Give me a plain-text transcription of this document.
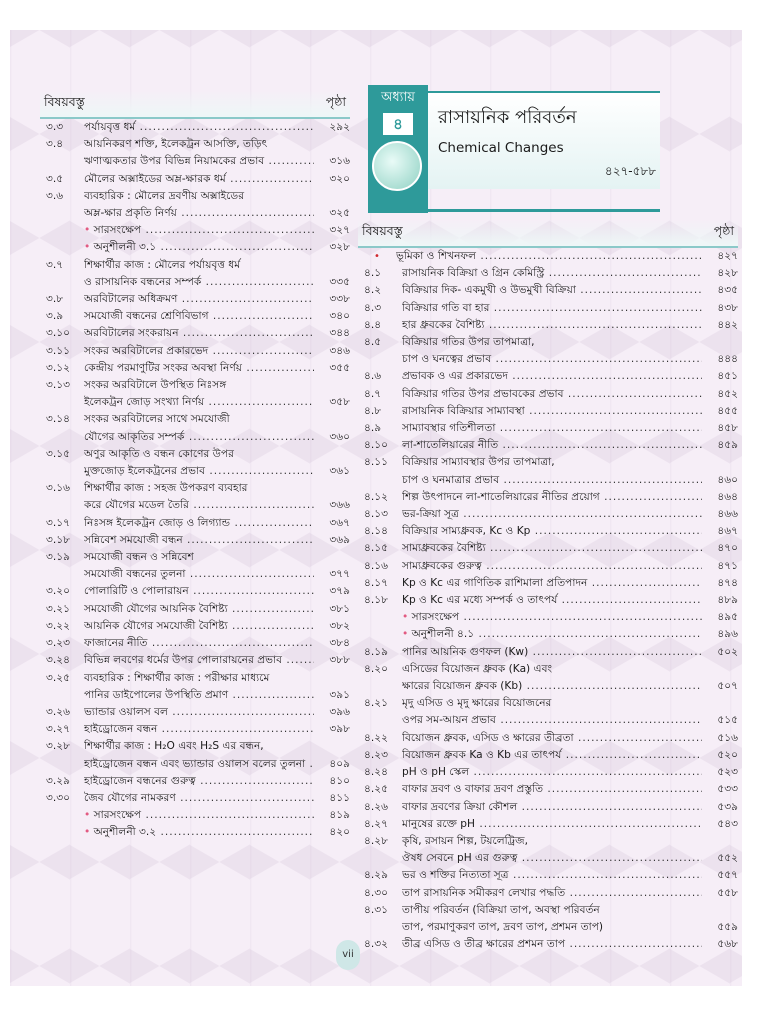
বিষয়বস্তু	পৃষ্ঠা
৩.৩	পর্যায়বৃত্ত ধর্ম .....	২৯২
৩.৪	আয়নিকরণ শক্তি, ইলেকট্রন আসক্তি, তড়িৎ
ঋণাত্মকতার উপর বিভিন্ন নিয়ামকের প্রভাব .....	৩১৬
৩.৫	মৌলের অক্সাইডের অম্ল-ক্ষারক ধর্ম .....	৩২০
৩.৬	ব্যবহারিক : মৌলের দ্রবণীয় অক্সাইডের
অম্ল-ক্ষার প্রকৃতি নির্ণয় .....	৩২৫
• সারসংক্ষেপ .....	৩২৭
• অনুশীলনী ৩.১ .....	৩২৮
৩.৭	শিক্ষার্থীর কাজ : মৌলের পর্যায়বৃত্ত ধর্ম
ও রাসায়নিক বন্ধনের সম্পর্ক .....	৩৩৫
৩.৮	অরবিটালের অধিক্রমণ .....	৩৩৮
৩.৯	সমযোজী বন্ধনের শ্রেণিবিভাগ .....	৩৪০
৩.১০	অরবিটালের সংকরায়ন .....	৩৪৪
৩.১১	সংকর অরবিটালের প্রকারভেদ .....	৩৪৬
৩.১২	কেন্দ্রীয় পরমাণুটির সংকর অবস্থা নির্ণয় .....	৩৫৫
৩.১৩	সংকর অরবিটালে উপস্থিত নিঃসঙ্গ
ইলেকট্রন জোড় সংখ্যা নির্ণয় .....	৩৫৮
৩.১৪	সংকর অরবিটালের সাথে সমযোজী
যৌগের আকৃতির সম্পর্ক .....	৩৬০
৩.১৫	অণুর আকৃতি ও বন্ধন কোণের উপর
মুক্তজোড় ইলেকট্রনের প্রভাব .....	৩৬১
৩.১৬	শিক্ষার্থীর কাজ : সহজ উপকরণ ব্যবহার
করে যৌগের মডেল তৈরি .....	৩৬৬
৩.১৭	নিঃসঙ্গ ইলেকট্রন জোড় ও লিগ্যান্ড .....	৩৬৭
৩.১৮	সন্নিবেশ সমযোজী বন্ধন .....	৩৬৯
৩.১৯	সমযোজী বন্ধন ও সন্নিবেশ
সমযোজী বন্ধনের তুলনা .....	৩৭৭
৩.২০	পোলারিটি ও পোলারায়ন .....	৩৭৯
৩.২১	সমযোজী যৌগের আয়নিক বৈশিষ্ট্য .....	৩৮১
৩.২২	আয়নিক যৌগের সমযোজী বৈশিষ্ট্য .....	৩৮২
৩.২৩	ফাজানের নীতি .....	৩৮৪
৩.২৪	বিভিন্ন লবণের ধর্মের উপর পোলারায়নের প্রভাব .....	৩৮৮
৩.২৫	ব্যবহারিক : শিক্ষার্থীর কাজ : পরীক্ষার মাধ্যমে
পানির ডাইপোলের উপস্থিতি প্রমাণ .....	৩৯১
৩.২৬	ভ্যান্ডার ওয়ালস বল .....	৩৯৬
৩.২৭	হাইড্রোজেন বন্ধন .....	৩৯৮
৩.২৮	শিক্ষার্থীর কাজ : H₂O এবং H₂S এর বন্ধন,
হাইড্রোজেন বন্ধন এবং ভ্যান্ডার ওয়ালস বলের তুলনা .....	৪০৯
৩.২৯	হাইড্রোজেন বন্ধনের গুরুত্ব .....	৪১০
৩.৩০	জৈব যৌগের নামকরণ .....	৪১১
• সারসংক্ষেপ .....	৪১৯
• অনুশীলনী ৩.২ .....	৪২০
অধ্যায়
৪	রাসায়নিক পরিবর্তন
Chemical Changes
৪২৭-৫৮৮
বিষয়বস্তু	পৃষ্ঠা
•	ভূমিকা ও শিখনফল .....	৪২৭
৪.১	রাসায়নিক বিক্রিয়া ও গ্রিন কেমিস্ট্রি .....	৪২৮
৪.২	বিক্রিয়ার দিক- একমুখী ও উভমুখী বিক্রিয়া .....	৪৩৫
৪.৩	বিক্রিয়ার গতি বা হার .....	৪৩৮
৪.৪	হার ধ্রুবকের বৈশিষ্ট্য .....	৪৪২
৪.৫	বিক্রিয়ার গতির উপর তাপমাত্রা,
চাপ ও ঘনত্বের প্রভাব .....	৪৪৪
৪.৬	প্রভাবক ও এর প্রকারভেদ .....	৪৫১
৪.৭	বিক্রিয়ার গতির উপর প্রভাবকের প্রভাব .....	৪৫২
৪.৮	রাসায়নিক বিক্রিয়ার সাম্যাবস্থা .....	৪৫৫
৪.৯	সাম্যাবস্থার গতিশীলতা .....	৪৫৮
৪.১০	লা-শাতেলিয়ারের নীতি .....	৪৫৯
৪.১১	বিক্রিয়ার সাম্যাবস্থার উপর তাপমাত্রা,
চাপ ও ঘনমাত্রার প্রভাব .....	৪৬০
৪.১২	শিল্প উৎপাদনে লা-শাতেলিয়ারের নীতির প্রয়োগ .....	৪৬৪
৪.১৩	ভর-ক্রিয়া সূত্র .....	৪৬৬
৪.১৪	বিক্রিয়ার সাম্যধ্রুবক, Kc ও Kp .....	৪৬৭
৪.১৫	সাম্যধ্রুবকের বৈশিষ্ট্য .....	৪৭০
৪.১৬	সাম্যধ্রুবকের গুরুত্ব .....	৪৭১
৪.১৭	Kp ও Kc এর গাণিতিক রাশিমালা প্রতিপাদন .....	৪৭৪
৪.১৮	Kp ও Kc এর মধ্যে সম্পর্ক ও তাৎপর্য .....	৪৮৯
• সারসংক্ষেপ .....	৪৯৫
• অনুশীলনী ৪.১ .....	৪৯৬
৪.১৯	পানির আয়নিক গুণফল (Kw) .....	৫০২
৪.২০	এসিডের বিয়োজন ধ্রুবক (Ka) এবং
ক্ষারের বিয়োজন ধ্রুবক (Kb) .....	৫০৭
৪.২১	মৃদু এসিড ও মৃদু ক্ষারের বিয়োজনের
ওপর সম-আয়ন প্রভাব .....	৫১৫
৪.২২	বিয়োজন ধ্রুবক, এসিড ও ক্ষারের তীব্রতা .....	৫১৬
৪.২৩	বিয়োজন ধ্রুবক Ka ও Kb এর তাৎপর্য .....	৫২০
৪.২৪	pH ও pH স্কেল .....	৫২৩
৪.২৫	বাফার দ্রবণ ও বাফার দ্রবণ প্রস্তুতি .....	৫৩৩
৪.২৬	বাফার দ্রবণের ক্রিয়া কৌশল .....	৫৩৯
৪.২৭	মানুষের রক্তে pH .....	৫৪৩
৪.২৮	কৃষি, রসায়ন শিল্প, টয়লেট্রিজ,
ঔষধ সেবনে pH এর গুরুত্ব .....	৫৫২
৪.২৯	ভর ও শক্তির নিত্যতা সূত্র .....	৫৫৭
৪.৩০	তাপ রাসায়নিক সমীকরণ লেখার পদ্ধতি .....	৫৫৮
৪.৩১	তাপীয় পরিবর্তন (বিক্রিয়া তাপ, অবস্থা পরিবর্তন
তাপ, পরমাণুকরণ তাপ, দ্রবণ তাপ, প্রশমন তাপ)	৫৫৯
৪.৩২	তীব্র এসিড ও তীব্র ক্ষারের প্রশমন তাপ .....	৫৬৮
vii
